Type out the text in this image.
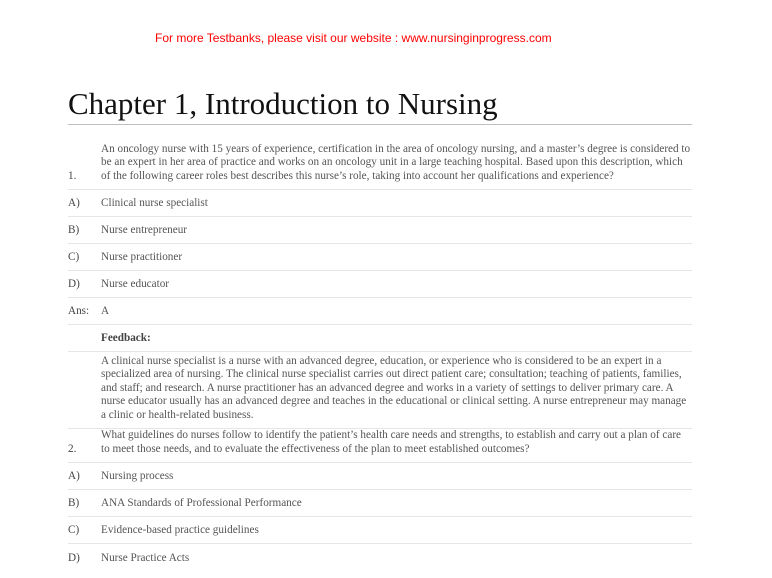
For more Testbanks, please visit our website : www.nursinginprogress.com
Chapter 1, Introduction to Nursing
1.
An oncology nurse with 15 years of experience, certification in the area of oncology nursing, and a master’s degree is considered to be an expert in her area of practice and works on an oncology unit in a large teaching hospital. Based upon this description, which of the following career roles best describes this nurse’s role, taking into account her qualifications and experience?
A)	Clinical nurse specialist
B)	Nurse entrepreneur
C)	Nurse practitioner
D)	Nurse educator
Ans:	A
Feedback:
A clinical nurse specialist is a nurse with an advanced degree, education, or experience who is considered to be an expert in a specialized area of nursing. The clinical nurse specialist carries out direct patient care; consultation; teaching of patients, families, and staff; and research. A nurse practitioner has an advanced degree and works in a variety of settings to deliver primary care. A nurse educator usually has an advanced degree and teaches in the educational or clinical setting. A nurse entrepreneur may manage a clinic or health-related business.
2.
What guidelines do nurses follow to identify the patient’s health care needs and strengths, to establish and carry out a plan of care to meet those needs, and to evaluate the effectiveness of the plan to meet established outcomes?
A)	Nursing process
B)	ANA Standards of Professional Performance
C)	Evidence-based practice guidelines
D)	Nurse Practice Acts
